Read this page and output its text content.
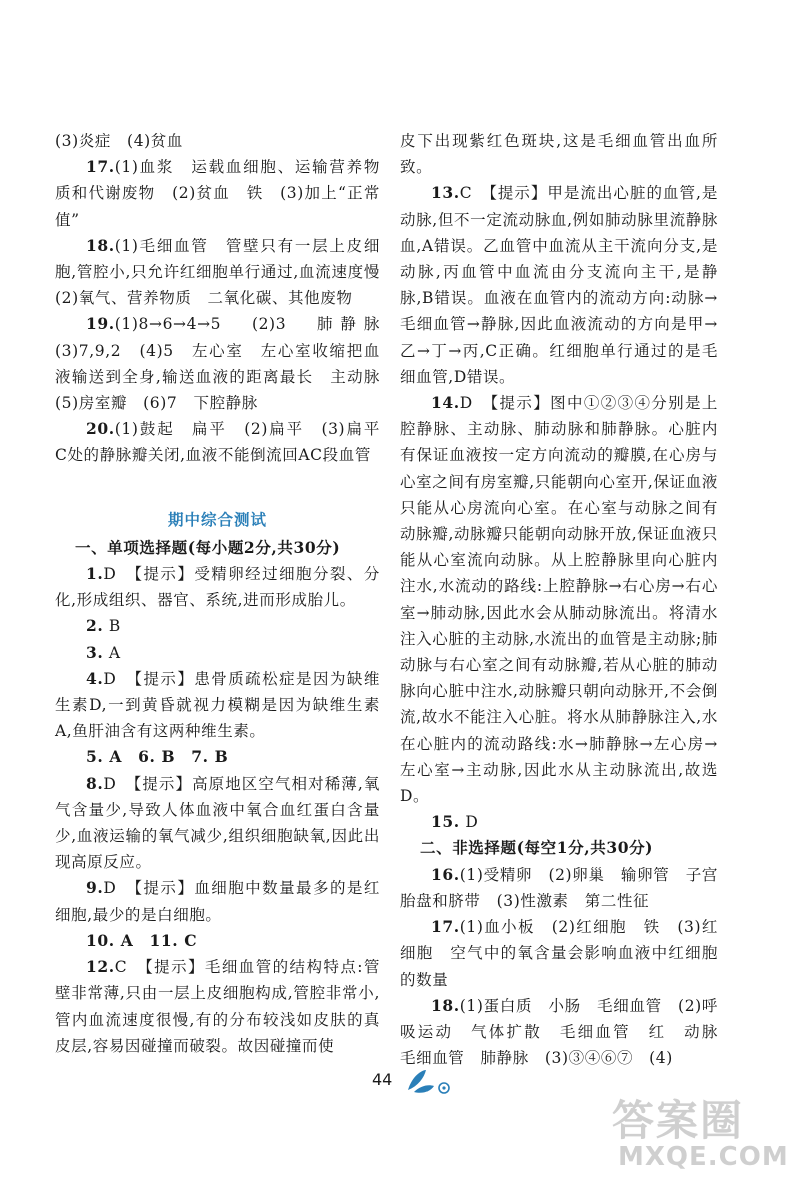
(3)炎症　(4)贫血

17.(1)血浆　运载血细胞、运输营养物质和代谢废物　(2)贫血　铁　(3)加上“正常值”

18.(1)毛细血管　管壁只有一层上皮细胞,管腔小,只允许红细胞单行通过,血流速度慢　(2)氧气、营养物质　二氧化碳、其他废物

19.(1)8→6→4→5　(2)3　肺静脉　(3)7,9,2　(4)5　左心室　左心室收缩把血液输送到全身,输送血液的距离最长　主动脉　(5)房室瓣　(6)7　下腔静脉

20.(1)鼓起　扁平　(2)扁平　(3)扁平　C处的静脉瓣关闭,血液不能倒流回AC段血管

期中综合测试
一、单项选择题(每小题2分,共30分)

1.D　【提示】受精卵经过细胞分裂、分化,形成组织、器官、系统,进而形成胎儿。

2. B

3. A

4.D　【提示】患骨质疏松症是因为缺维生素D,一到黄昏就视力模糊是因为缺维生素A,鱼肝油含有这两种维生素。

5. A　6. B　7. B

8.D　【提示】高原地区空气相对稀薄,氧气含量少,导致人体血液中氧合血红蛋白含量少,血液运输的氧气减少,组织细胞缺氧,因此出现高原反应。

9.D　【提示】血细胞中数量最多的是红细胞,最少的是白细胞。

10. A　11. C

12.C　【提示】毛细血管的结构特点:管壁非常薄,只由一层上皮细胞构成,管腔非常小,管内血流速度很慢,有的分布较浅如皮肤的真皮层,容易因碰撞而破裂。故因碰撞而使

皮下出现紫红色斑块,这是毛细血管出血所致。

13.C　【提示】甲是流出心脏的血管,是动脉,但不一定流动脉血,例如肺动脉里流静脉血,A错误。乙血管中血流从主干流向分支,是动脉,丙血管中血流由分支流向主干,是静脉,B错误。血液在血管内的流动方向:动脉→毛细血管→静脉,因此血液流动的方向是甲→乙→丁→丙,C正确。红细胞单行通过的是毛细血管,D错误。

14.D　【提示】图中①②③④分别是上腔静脉、主动脉、肺动脉和肺静脉。心脏内有保证血液按一定方向流动的瓣膜,在心房与心室之间有房室瓣,只能朝向心室开,保证血液只能从心房流向心室。在心室与动脉之间有动脉瓣,动脉瓣只能朝向动脉开放,保证血液只能从心室流向动脉。从上腔静脉里向心脏内注水,水流动的路线:上腔静脉→右心房→右心室→肺动脉,因此水会从肺动脉流出。将清水注入心脏的主动脉,水流出的血管是主动脉;肺动脉与右心室之间有动脉瓣,若从心脏的肺动脉向心脏中注水,动脉瓣只朝向动脉开,不会倒流,故水不能注入心脏。将水从肺静脉注入,水在心脏内的流动路线:水→肺静脉→左心房→左心室→主动脉,因此水从主动脉流出,故选D。

15. D

二、非选择题(每空1分,共30分)

16.(1)受精卵　(2)卵巢　输卵管　子宫　胎盘和脐带　(3)性激素　第二性征

17.(1)血小板　(2)红细胞　铁　(3)红细胞　空气中的氧含量会影响血液中红细胞的数量

18.(1)蛋白质　小肠　毛细血管　(2)呼吸运动　气体扩散　毛细血管　红　动脉　毛细血管　肺静脉　(3)③④⑥⑦　(4)

44
答案圈
MXQE.COM
